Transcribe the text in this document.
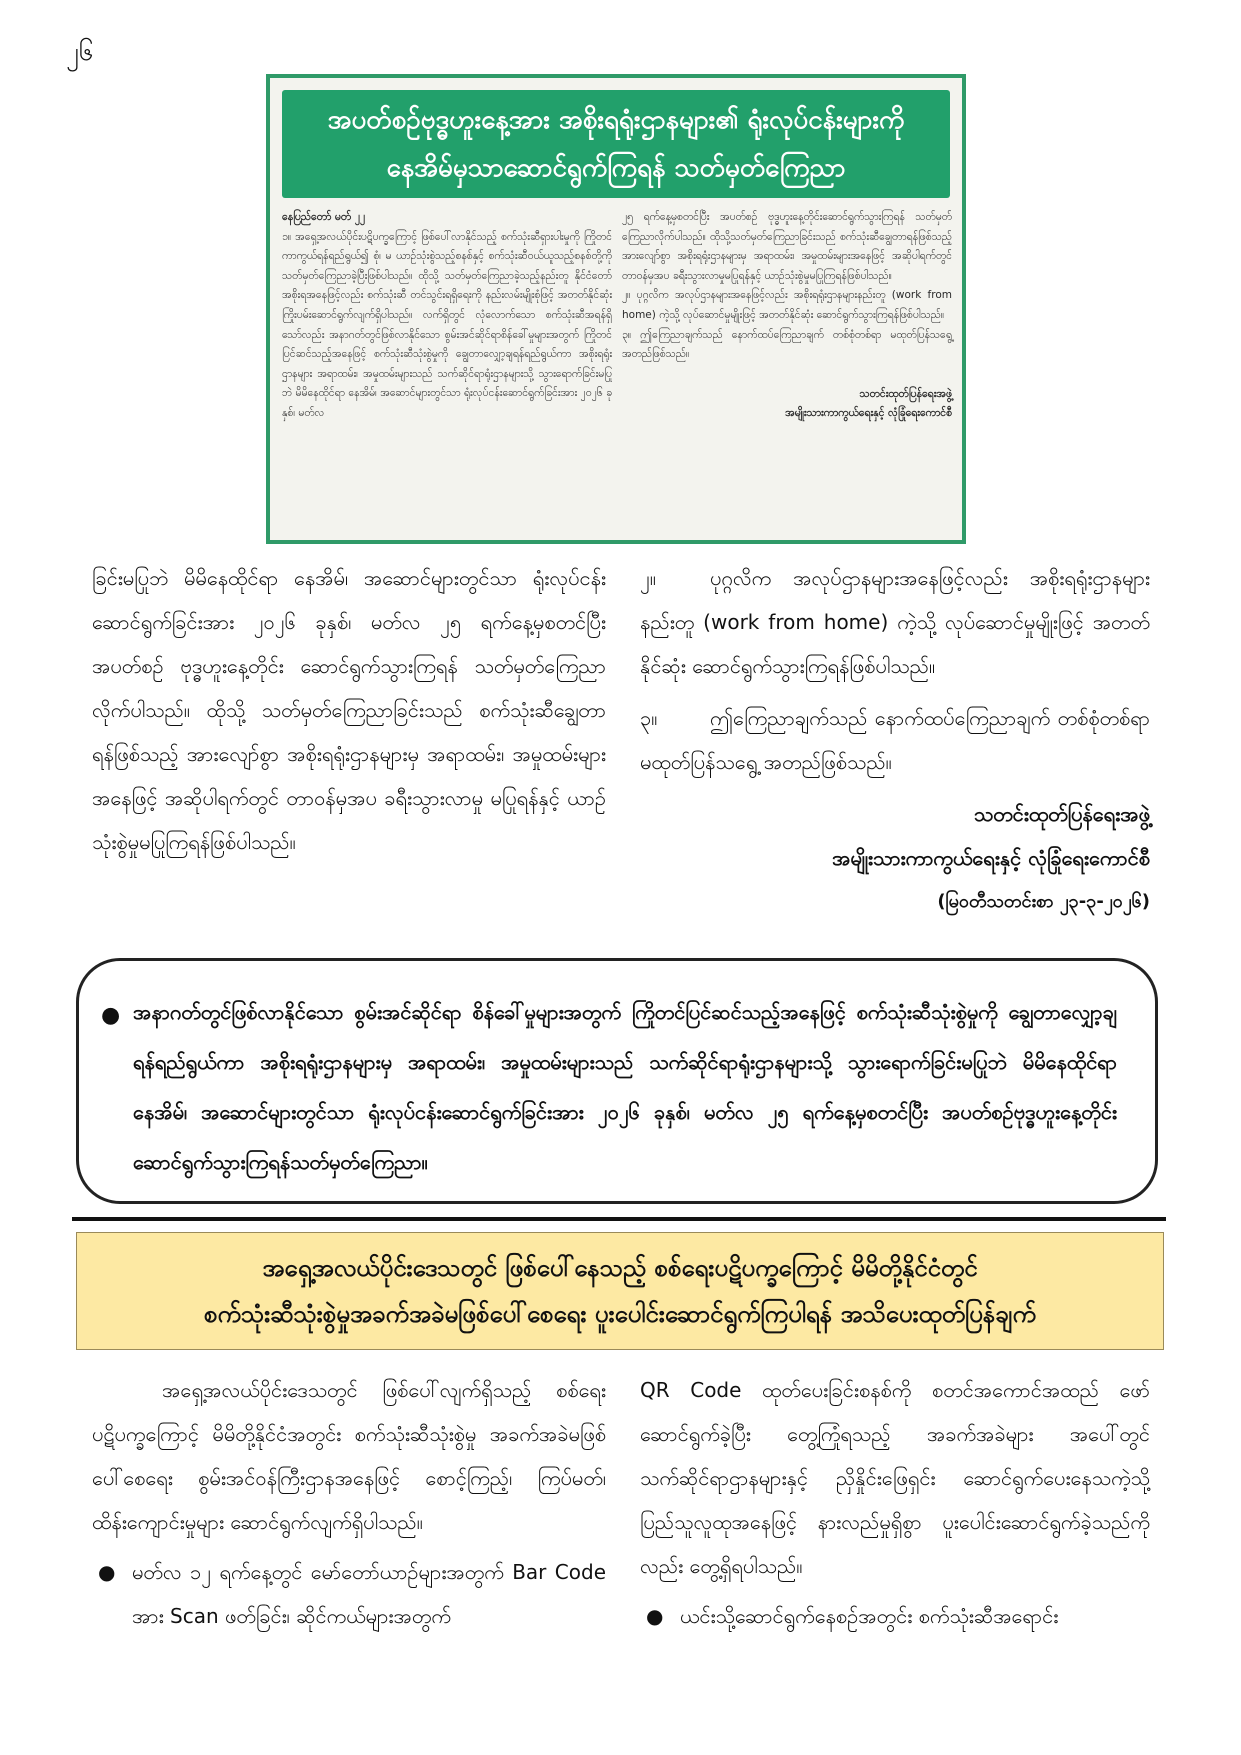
၂၆
အပတ်စဉ်ဗုဒ္ဓဟူးနေ့အား အစိုးရရုံးဌာနများ၏ ရုံးလုပ်ငန်းများကို
နေအိမ်မှသာဆောင်ရွက်ကြရန် သတ်မှတ်ကြေညာ

နေပြည်တော် မတ် ၂၂

၁။ အရှေ့အလယ်ပိုင်းပဋိပက္ခကြောင့် ဖြစ်ပေါ်လာနိုင်သည့် စက်သုံးဆီရှားပါးမှုကို ကြိုတင်ကာကွယ်ရန်ရည်ရွယ်၍ စုံ၊ မ ယာဉ်သုံးစွဲသည့်စနစ်နှင့် စက်သုံးဆီဝယ်ယူသည့်စနစ်တို့ကို သတ်မှတ်ကြေညာခဲ့ပြီးဖြစ်ပါသည်။ ထိုသို့ သတ်မှတ်ကြေညာခဲ့သည့်နည်းတူ နိုင်ငံတော်အစိုးရအနေဖြင့်လည်း စက်သုံးဆီ တင်သွင်းရရှိရေးကို နည်းလမ်းမျိုးစုံဖြင့် အတတ်နိုင်ဆုံး ကြိုးပမ်းဆောင်ရွက်လျက်ရှိပါသည်။ လက်ရှိတွင် လုံလောက်သော စက်သုံးဆီအရန်ရှိသော်လည်း အနာဂတ်တွင်ဖြစ်လာနိုင်သော စွမ်းအင်ဆိုင်ရာစိန်ခေါ်မှုများအတွက် ကြိုတင်ပြင်ဆင်သည့်အနေဖြင့် စက်သုံးဆီသုံးစွဲမှုကို ချွေတာလျှော့ချရန်ရည်ရွယ်ကာ အစိုးရရုံးဌာနများ အရာထမ်း၊ အမှုထမ်းများသည် သက်ဆိုင်ရာရုံးဌာနများသို့ သွားရောက်ခြင်းမပြုဘဲ မိမိနေထိုင်ရာ နေအိမ်၊ အဆောင်များတွင်သာ ရုံးလုပ်ငန်းဆောင်ရွက်ခြင်းအား ၂၀၂၆ ခုနှစ်၊ မတ်လ

၂၅ ရက်နေ့မှစတင်ပြီး အပတ်စဉ် ဗုဒ္ဓဟူးနေ့တိုင်းဆောင်ရွက်သွားကြရန် သတ်မှတ်ကြေညာလိုက်ပါသည်။ ထိုသို့သတ်မှတ်ကြေညာခြင်းသည် စက်သုံးဆီချွေတာရန်ဖြစ်သည့်အားလျော်စွာ အစိုးရရုံးဌာနများမှ အရာထမ်း၊ အမှုထမ်းများအနေဖြင့် အဆိုပါရက်တွင် တာဝန်မှအပ ခရီးသွားလာမှုမပြုရန်နှင့် ယာဉ်သုံးစွဲမှုမပြုကြရန်ဖြစ်ပါသည်။

၂။ ပုဂ္ဂလိက အလုပ်ဌာနများအနေဖြင့်လည်း အစိုးရရုံးဌာနများနည်းတူ (work from home) ကဲ့သို့ လုပ်ဆောင်မှုမျိုးဖြင့် အတတ်နိုင်ဆုံး ဆောင်ရွက်သွားကြရန်ဖြစ်ပါသည်။

၃။ ဤကြေညာချက်သည် နောက်ထပ်ကြေညာချက် တစ်စုံတစ်ရာ မထုတ်ပြန်သရွေ့ အတည်ဖြစ်သည်။

သတင်းထုတ်ပြန်ရေးအဖွဲ့

အမျိုးသားကာကွယ်ရေးနှင့် လုံခြုံရေးကောင်စီ

ခြင်းမပြုဘဲ မိမိနေထိုင်ရာ နေအိမ်၊ အဆောင်များတွင်သာ ရုံးလုပ်ငန်းဆောင်ရွက်ခြင်းအား ၂၀၂၆ ခုနှစ်၊ မတ်လ ၂၅ ရက်နေ့မှစတင်ပြီး အပတ်စဉ် ဗုဒ္ဓဟူးနေ့တိုင်း ဆောင်ရွက်သွားကြရန် သတ်မှတ်ကြေညာလိုက်ပါသည်။ ထိုသို့ သတ်မှတ်ကြေညာခြင်းသည် စက်သုံးဆီချွေတာရန်ဖြစ်သည့် အားလျော်စွာ အစိုးရရုံးဌာနများမှ အရာထမ်း၊ အမှုထမ်းများ အနေဖြင့် အဆိုပါရက်တွင် တာဝန်မှအပ ခရီးသွားလာမှု မပြုရန်နှင့် ယာဉ်သုံးစွဲမှုမပြုကြရန်ဖြစ်ပါသည်။

၂။	ပုဂ္ဂလိက အလုပ်ဌာနများအနေဖြင့်လည်း အစိုးရရုံးဌာနများနည်းတူ (work from home) ကဲ့သို့ လုပ်ဆောင်မှုမျိုးဖြင့် အတတ်နိုင်ဆုံး ဆောင်ရွက်သွားကြရန်ဖြစ်ပါသည်။

၃။	ဤကြေညာချက်သည် နောက်ထပ်ကြေညာချက် တစ်စုံတစ်ရာ မထုတ်ပြန်သရွေ့ အတည်ဖြစ်သည်။

သတင်းထုတ်ပြန်ရေးအဖွဲ့

အမျိုးသားကာကွယ်ရေးနှင့် လုံခြုံရေးကောင်စီ

(မြဝတီသတင်းစာ ၂၃-၃-၂၀၂၆)

● အနာဂတ်တွင်ဖြစ်လာနိုင်သော စွမ်းအင်ဆိုင်ရာ စိန်ခေါ်မှုများအတွက် ကြိုတင်ပြင်ဆင်သည့်အနေဖြင့် စက်သုံးဆီသုံးစွဲမှုကို ချွေတာလျှော့ချရန်ရည်ရွယ်ကာ အစိုးရရုံးဌာနများမှ အရာထမ်း၊ အမှုထမ်းများသည် သက်ဆိုင်ရာရုံးဌာနများသို့ သွားရောက်ခြင်းမပြုဘဲ မိမိနေထိုင်ရာ နေအိမ်၊ အဆောင်များတွင်သာ ရုံးလုပ်ငန်းဆောင်ရွက်ခြင်းအား ၂၀၂၆ ခုနှစ်၊ မတ်လ ၂၅ ရက်နေ့မှစတင်ပြီး အပတ်စဉ်ဗုဒ္ဓဟူးနေ့တိုင်း ဆောင်ရွက်သွားကြရန်သတ်မှတ်ကြေညာ။

အရှေ့အလယ်ပိုင်းဒေသတွင် ဖြစ်ပေါ်နေသည့် စစ်ရေးပဋိပက္ခကြောင့် မိမိတို့နိုင်ငံတွင်
စက်သုံးဆီသုံးစွဲမှုအခက်အခဲမဖြစ်ပေါ်စေရေး ပူးပေါင်းဆောင်ရွက်ကြပါရန် အသိပေးထုတ်ပြန်ချက်

အရှေ့အလယ်ပိုင်းဒေသတွင် ဖြစ်ပေါ်လျက်ရှိသည့် စစ်ရေးပဋိပက္ခကြောင့် မိမိတို့နိုင်ငံအတွင်း စက်သုံးဆီသုံးစွဲမှု အခက်အခဲမဖြစ်ပေါ်စေရေး စွမ်းအင်ဝန်ကြီးဌာနအနေဖြင့် စောင့်ကြည့်၊ ကြပ်မတ်၊ ထိန်းကျောင်းမှုများ ဆောင်ရွက်လျက်ရှိပါသည်။

● မတ်လ ၁၂ ရက်နေ့တွင် မော်တော်ယာဉ်များအတွက် Bar Code အား Scan ဖတ်ခြင်း၊ ဆိုင်ကယ်များအတွက်

QR Code ထုတ်ပေးခြင်းစနစ်ကို စတင်အကောင်အထည် ဖော်ဆောင်ရွက်ခဲ့ပြီး တွေ့ကြုံရသည့် အခက်အခဲများ အပေါ်တွင် သက်ဆိုင်ရာဌာနများနှင့် ညှိနှိုင်းဖြေရှင်း ဆောင်ရွက်ပေးနေသကဲ့သို့ ပြည်သူလူထုအနေဖြင့် နားလည်မှုရှိစွာ ပူးပေါင်းဆောင်ရွက်ခဲ့သည်ကိုလည်း တွေ့ရှိရပါသည်။

● ယင်းသို့ဆောင်ရွက်နေစဉ်အတွင်း စက်သုံးဆီအရောင်း
